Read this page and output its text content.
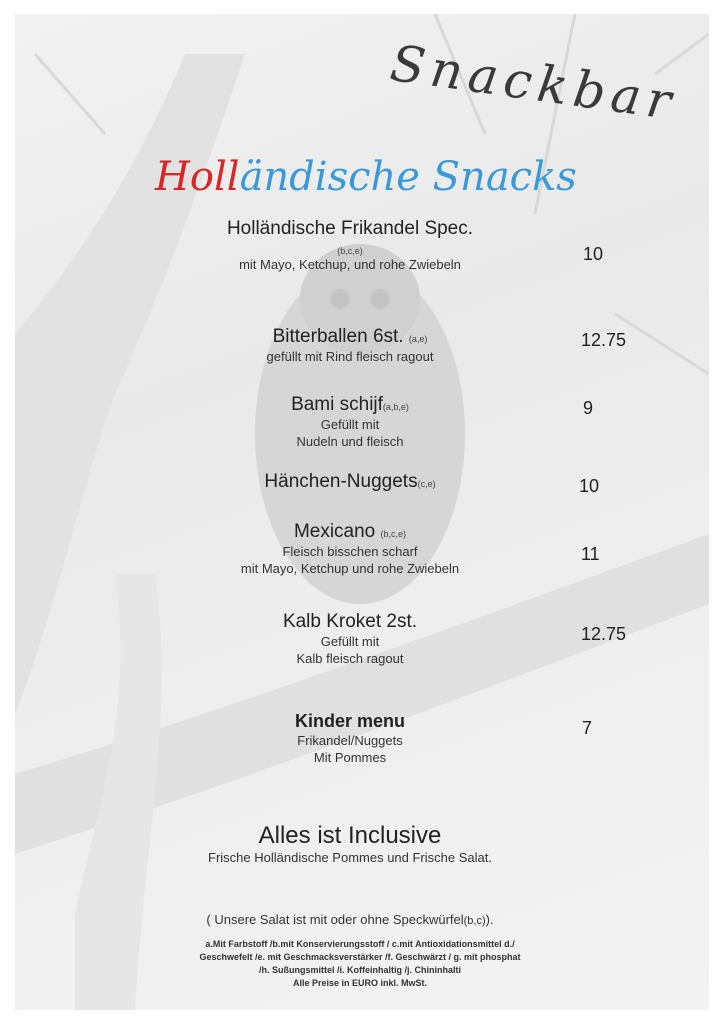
Snackbar
Holländische Snacks
Holländische Frikandel Spec.
(b,c,e)
mit Mayo, Ketchup, und rohe Zwiebeln
10
Bitterballen 6st. (a,e)
gefüllt mit Rind fleisch ragout
12.75
Bami schijf(a,b,e)
Gefüllt mit
Nudeln und fleisch
9
Hänchen-Nuggets(c,e)	10
Mexicano (b,c,e)
Fleisch bisschen scharf
mit Mayo, Ketchup und rohe Zwiebeln
11
Kalb Kroket 2st.
Gefüllt mit
Kalb fleisch ragout
12.75
Kinder menu
Frikandel/Nuggets
Mit Pommes
7
Alles ist Inclusive
Frische Holländische Pommes und Frische Salat.
( Unsere Salat ist mit oder ohne Speckwürfel(b,c)).
a.Mit Farbstoff /b.mit Konservierungsstoff / c.mit Antioxidationsmittel d./
Geschwefelt /e. mit Geschmacksverstärker /f. Geschwärzt / g. mit phosphat
/h. Sußungsmittel /i. Koffeinhaltig /j. Chininhalti
Alle Preise in EURO inkl. MwSt.
